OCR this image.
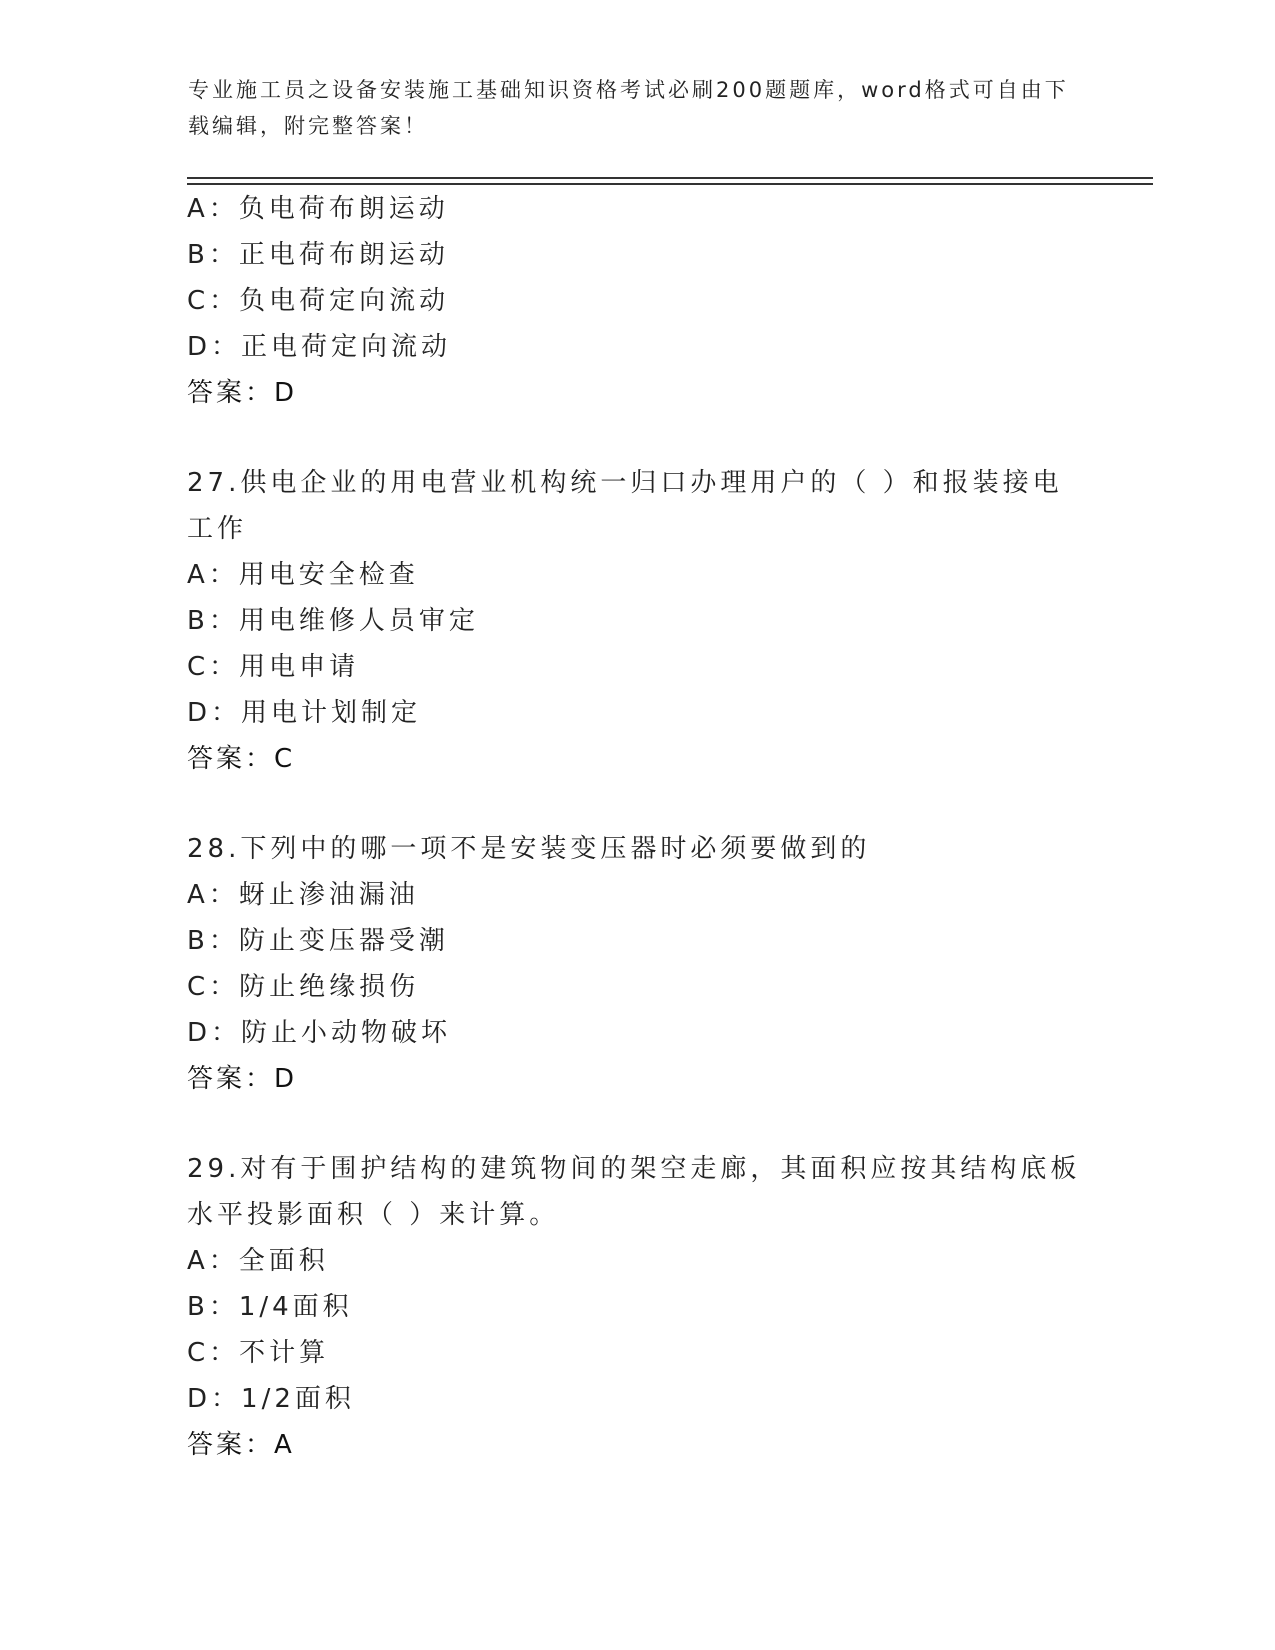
专业施工员之设备安装施工基础知识资格考试必刷200题题库，word格式可自由下载编辑，附完整答案！
A：负电荷布朗运动
B：正电荷布朗运动
C：负电荷定向流动
D：正电荷定向流动
答案：D
27.供电企业的用电营业机构统一归口办理用户的（ ）和报装接电工作
A：用电安全检查
B：用电维修人员审定
C：用电申请
D：用电计划制定
答案：C
28.下列中的哪一项不是安装变压器时必须要做到的
A：蚜止渗油漏油
B：防止变压器受潮
C：防止绝缘损伤
D：防止小动物破坏
答案：D
29.对有于围护结构的建筑物间的架空走廊，其面积应按其结构底板水平投影面积（ ）来计算。
A：全面积
B：1/4面积
C：不计算
D：1/2面积
答案：A
